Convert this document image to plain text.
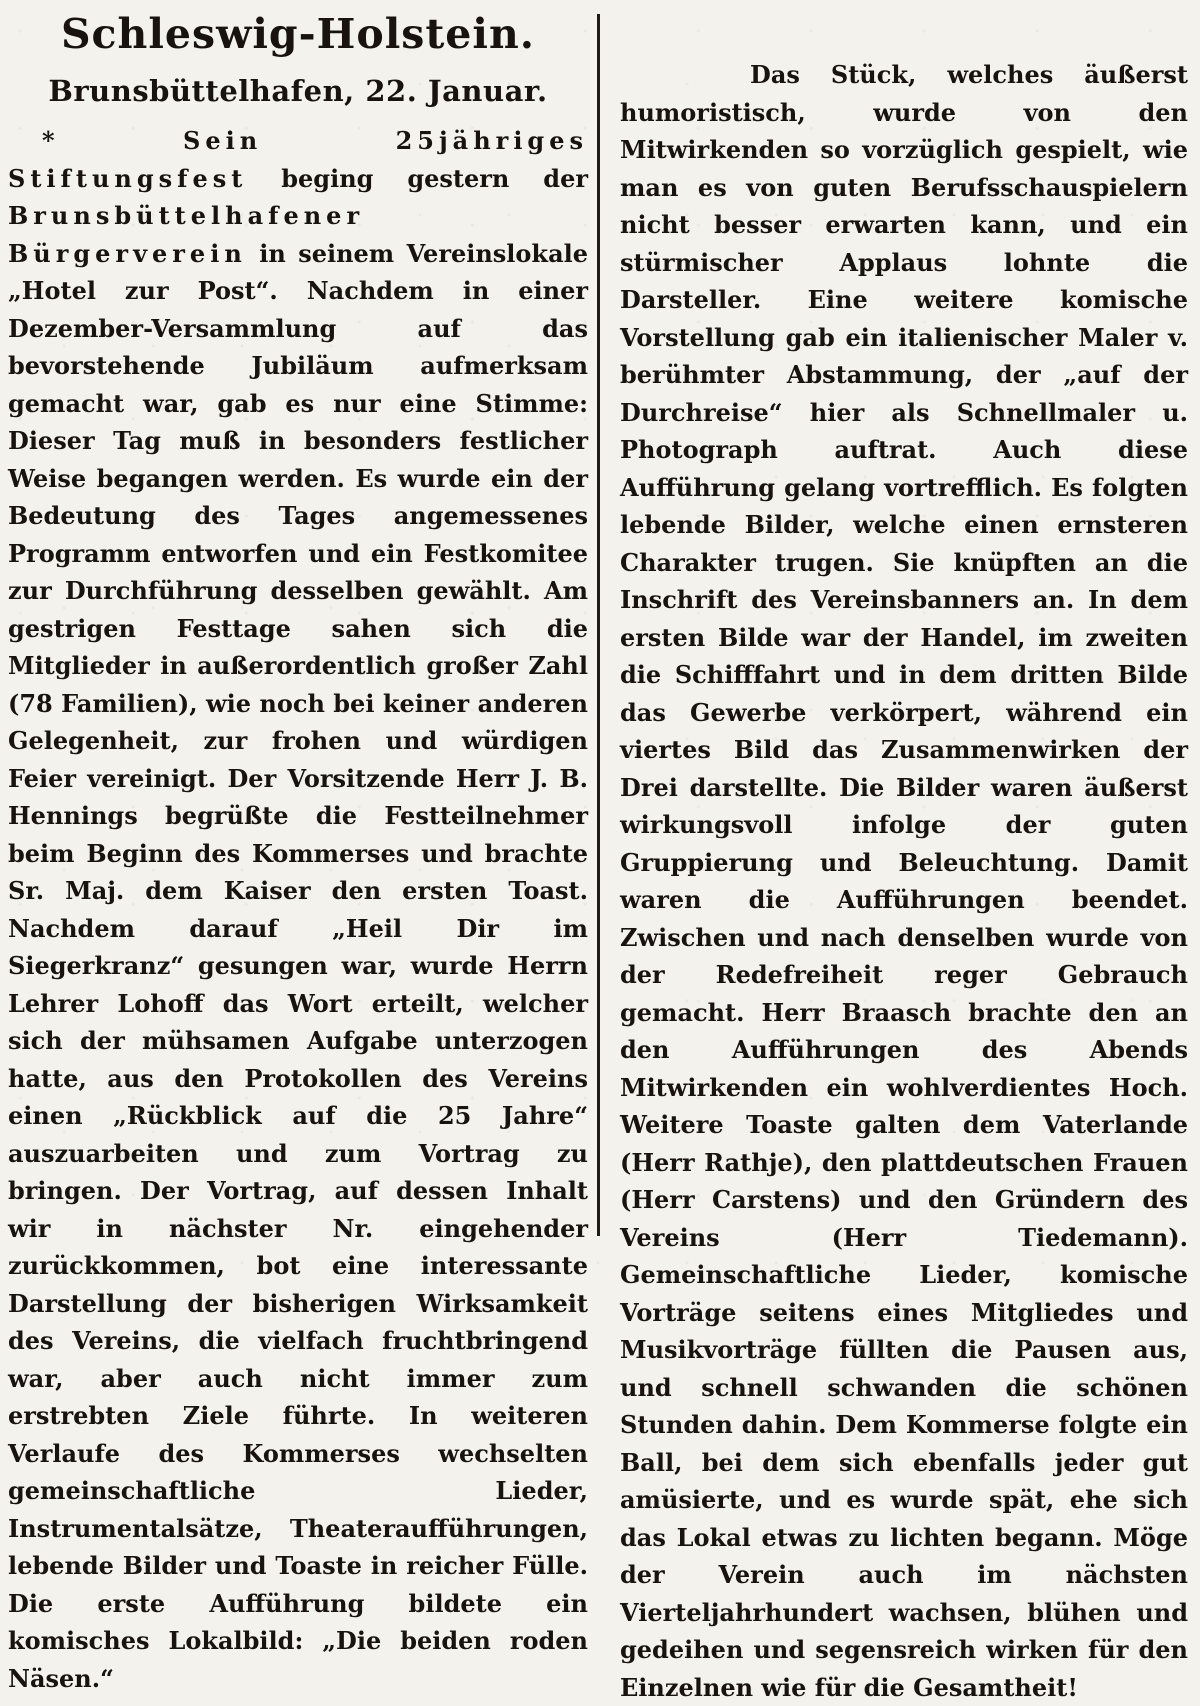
Schleswig-Holstein.
Brunsbüttelhafen, 22. Januar.

* Sein 25jähriges Stiftungsfest beging gestern der Brunsbüttelhafener Bürgerverein in seinem Vereinslokale „Hotel zur Post“. Nachdem in einer Dezember-Versammlung auf das bevorstehende Jubiläum aufmerksam gemacht war, gab es nur eine Stimme: Dieser Tag muß in besonders festlicher Weise begangen werden. Es wurde ein der Bedeutung des Tages angemessenes Programm entworfen und ein Festkomitee zur Durchführung desselben gewählt. Am gestrigen Festtage sahen sich die Mitglieder in außerordentlich großer Zahl (78 Familien), wie noch bei keiner anderen Gelegenheit, zur frohen und würdigen Feier vereinigt. Der Vorsitzende Herr J. B. Hennings begrüßte die Festteilnehmer beim Beginn des Kommerses und brachte Sr. Maj. dem Kaiser den ersten Toast. Nachdem darauf „Heil Dir im Siegerkranz“ gesungen war, wurde Herrn Lehrer Lohoff das Wort erteilt, welcher sich der mühsamen Aufgabe unterzogen hatte, aus den Protokollen des Vereins einen „Rückblick auf die 25 Jahre“ auszuarbeiten und zum Vortrag zu bringen. Der Vortrag, auf dessen Inhalt wir in nächster Nr. eingehender zurückkommen, bot eine interessante Darstellung der bisherigen Wirksamkeit des Vereins, die vielfach fruchtbringend war, aber auch nicht immer zum erstrebten Ziele führte. In weiteren Verlaufe des Kommerses wechselten gemeinschaftliche Lieder, Instrumentalsätze, Theateraufführungen, lebende Bilder und Toaste in reicher Fülle. Die erste Aufführung bildete ein komisches Lokalbild: „Die beiden roden Näsen.“

Das Stück, welches äußerst humoristisch, wurde von den Mitwirkenden so vorzüglich gespielt, wie man es von guten Berufsschauspielern nicht besser erwarten kann, und ein stürmischer Applaus lohnte die Darsteller. Eine weitere komische Vorstellung gab ein italienischer Maler v. berühmter Abstammung, der „auf der Durchreise“ hier als Schnellmaler u. Photograph auftrat. Auch diese Aufführung gelang vortrefflich. Es folgten lebende Bilder, welche einen ernsteren Charakter trugen. Sie knüpften an die Inschrift des Vereinsbanners an. In dem ersten Bilde war der Handel, im zweiten die Schifffahrt und in dem dritten Bilde das Gewerbe verkörpert, während ein viertes Bild das Zusammenwirken der Drei darstellte. Die Bilder waren äußerst wirkungsvoll infolge der guten Gruppierung und Beleuchtung. Damit waren die Aufführungen beendet. Zwischen und nach denselben wurde von der Redefreiheit reger Gebrauch gemacht. Herr Braasch brachte den an den Aufführungen des Abends Mitwirkenden ein wohlverdientes Hoch. Weitere Toaste galten dem Vaterlande (Herr Rathje), den plattdeutschen Frauen (Herr Carstens) und den Gründern des Vereins (Herr Tiedemann). Gemeinschaftliche Lieder, komische Vorträge seitens eines Mitgliedes und Musikvorträge füllten die Pausen aus, und schnell schwanden die schönen Stunden dahin. Dem Kommerse folgte ein Ball, bei dem sich ebenfalls jeder gut amüsierte, und es wurde spät, ehe sich das Lokal etwas zu lichten begann. Möge der Verein auch im nächsten Vierteljahrhundert wachsen, blühen und gedeihen und segensreich wirken für den Einzelnen wie für die Gesamtheit!
